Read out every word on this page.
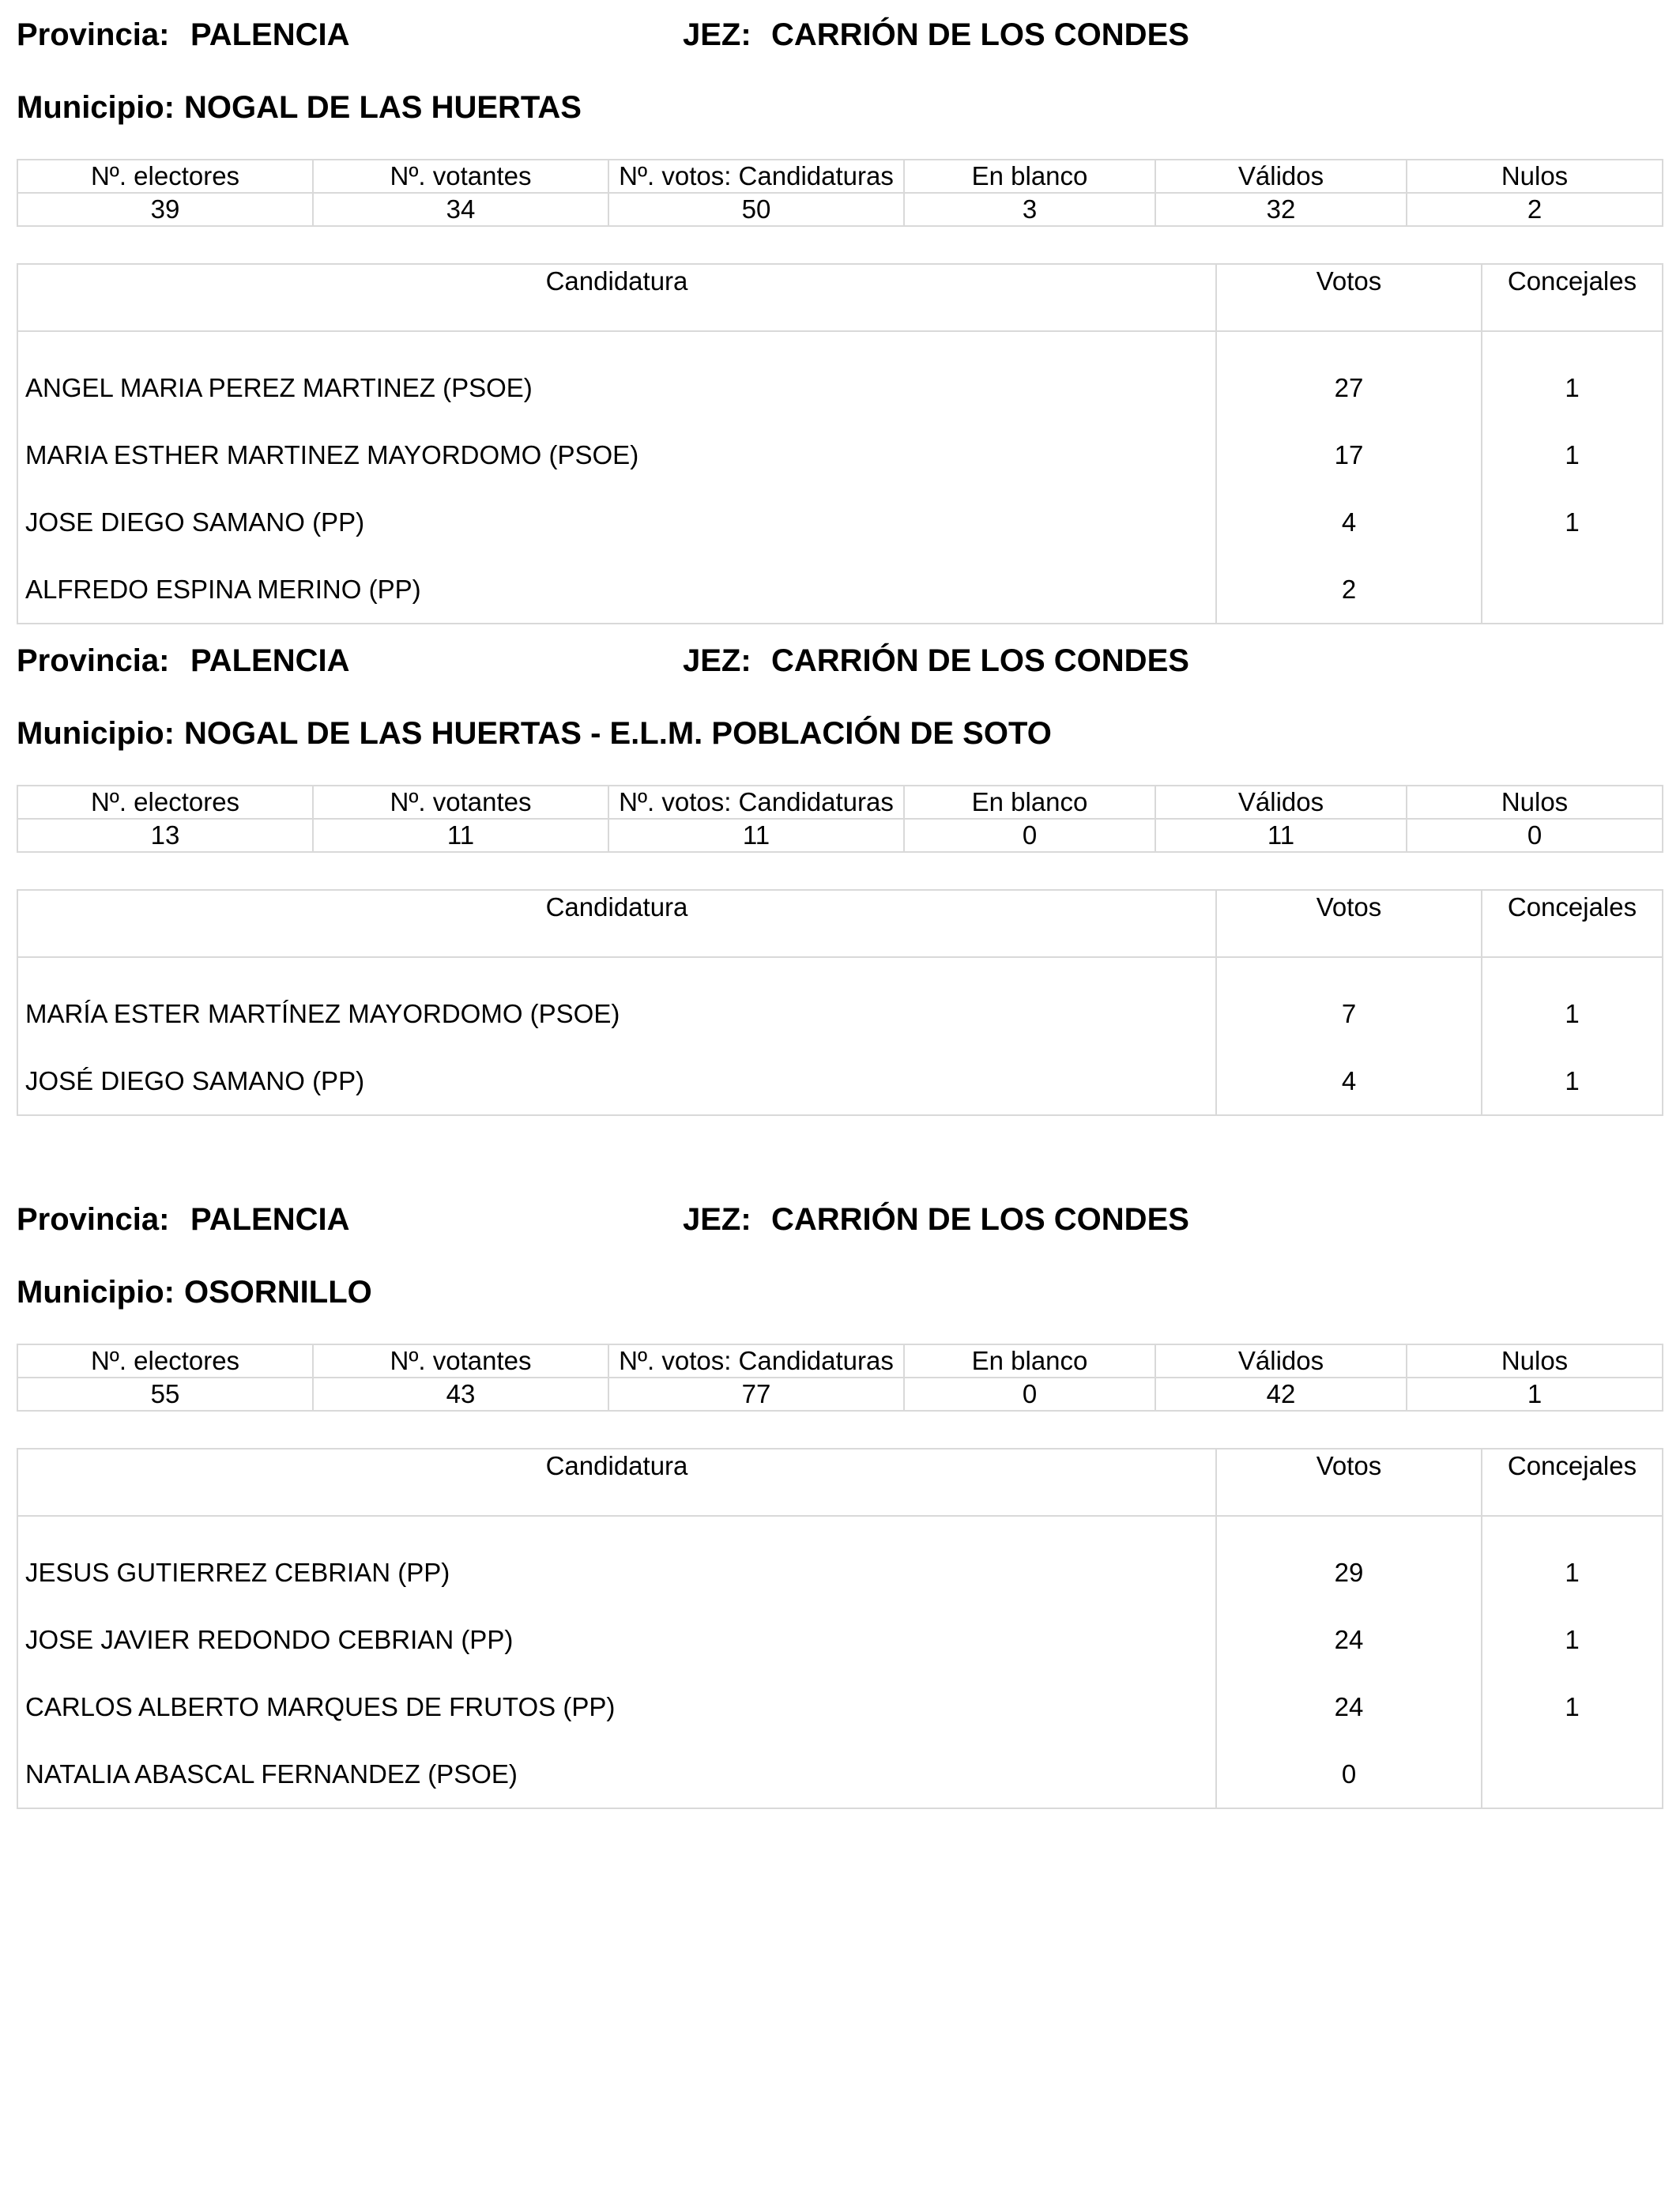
Provincia: PALENCIA	JEZ: CARRIÓN DE LOS CONDES
Municipio: NOGAL DE LAS HUERTAS
Nº. electores	Nº. votantes	Nº. votos: Candidaturas	En blanco	Válidos	Nulos
39	34	50	3	32	2
Candidatura	Votos	Concejales
ANGEL MARIA PEREZ MARTINEZ (PSOE)	27	1
MARIA ESTHER MARTINEZ MAYORDOMO (PSOE)	17	1
JOSE DIEGO SAMANO (PP)	4	1
ALFREDO ESPINA MERINO (PP)	2	
Provincia: PALENCIA	JEZ: CARRIÓN DE LOS CONDES
Municipio: NOGAL DE LAS HUERTAS - E.L.M. POBLACIÓN DE SOTO
Nº. electores	Nº. votantes	Nº. votos: Candidaturas	En blanco	Válidos	Nulos
13	11	11	0	11	0
Candidatura	Votos	Concejales
MARÍA ESTER MARTÍNEZ MAYORDOMO (PSOE)	7	1
JOSÉ DIEGO SAMANO (PP)	4	1
Provincia: PALENCIA	JEZ: CARRIÓN DE LOS CONDES
Municipio: OSORNILLO
Nº. electores	Nº. votantes	Nº. votos: Candidaturas	En blanco	Válidos	Nulos
55	43	77	0	42	1
Candidatura	Votos	Concejales
JESUS GUTIERREZ CEBRIAN (PP)	29	1
JOSE JAVIER REDONDO CEBRIAN (PP)	24	1
CARLOS ALBERTO MARQUES DE FRUTOS (PP)	24	1
NATALIA ABASCAL FERNANDEZ (PSOE)	0	
